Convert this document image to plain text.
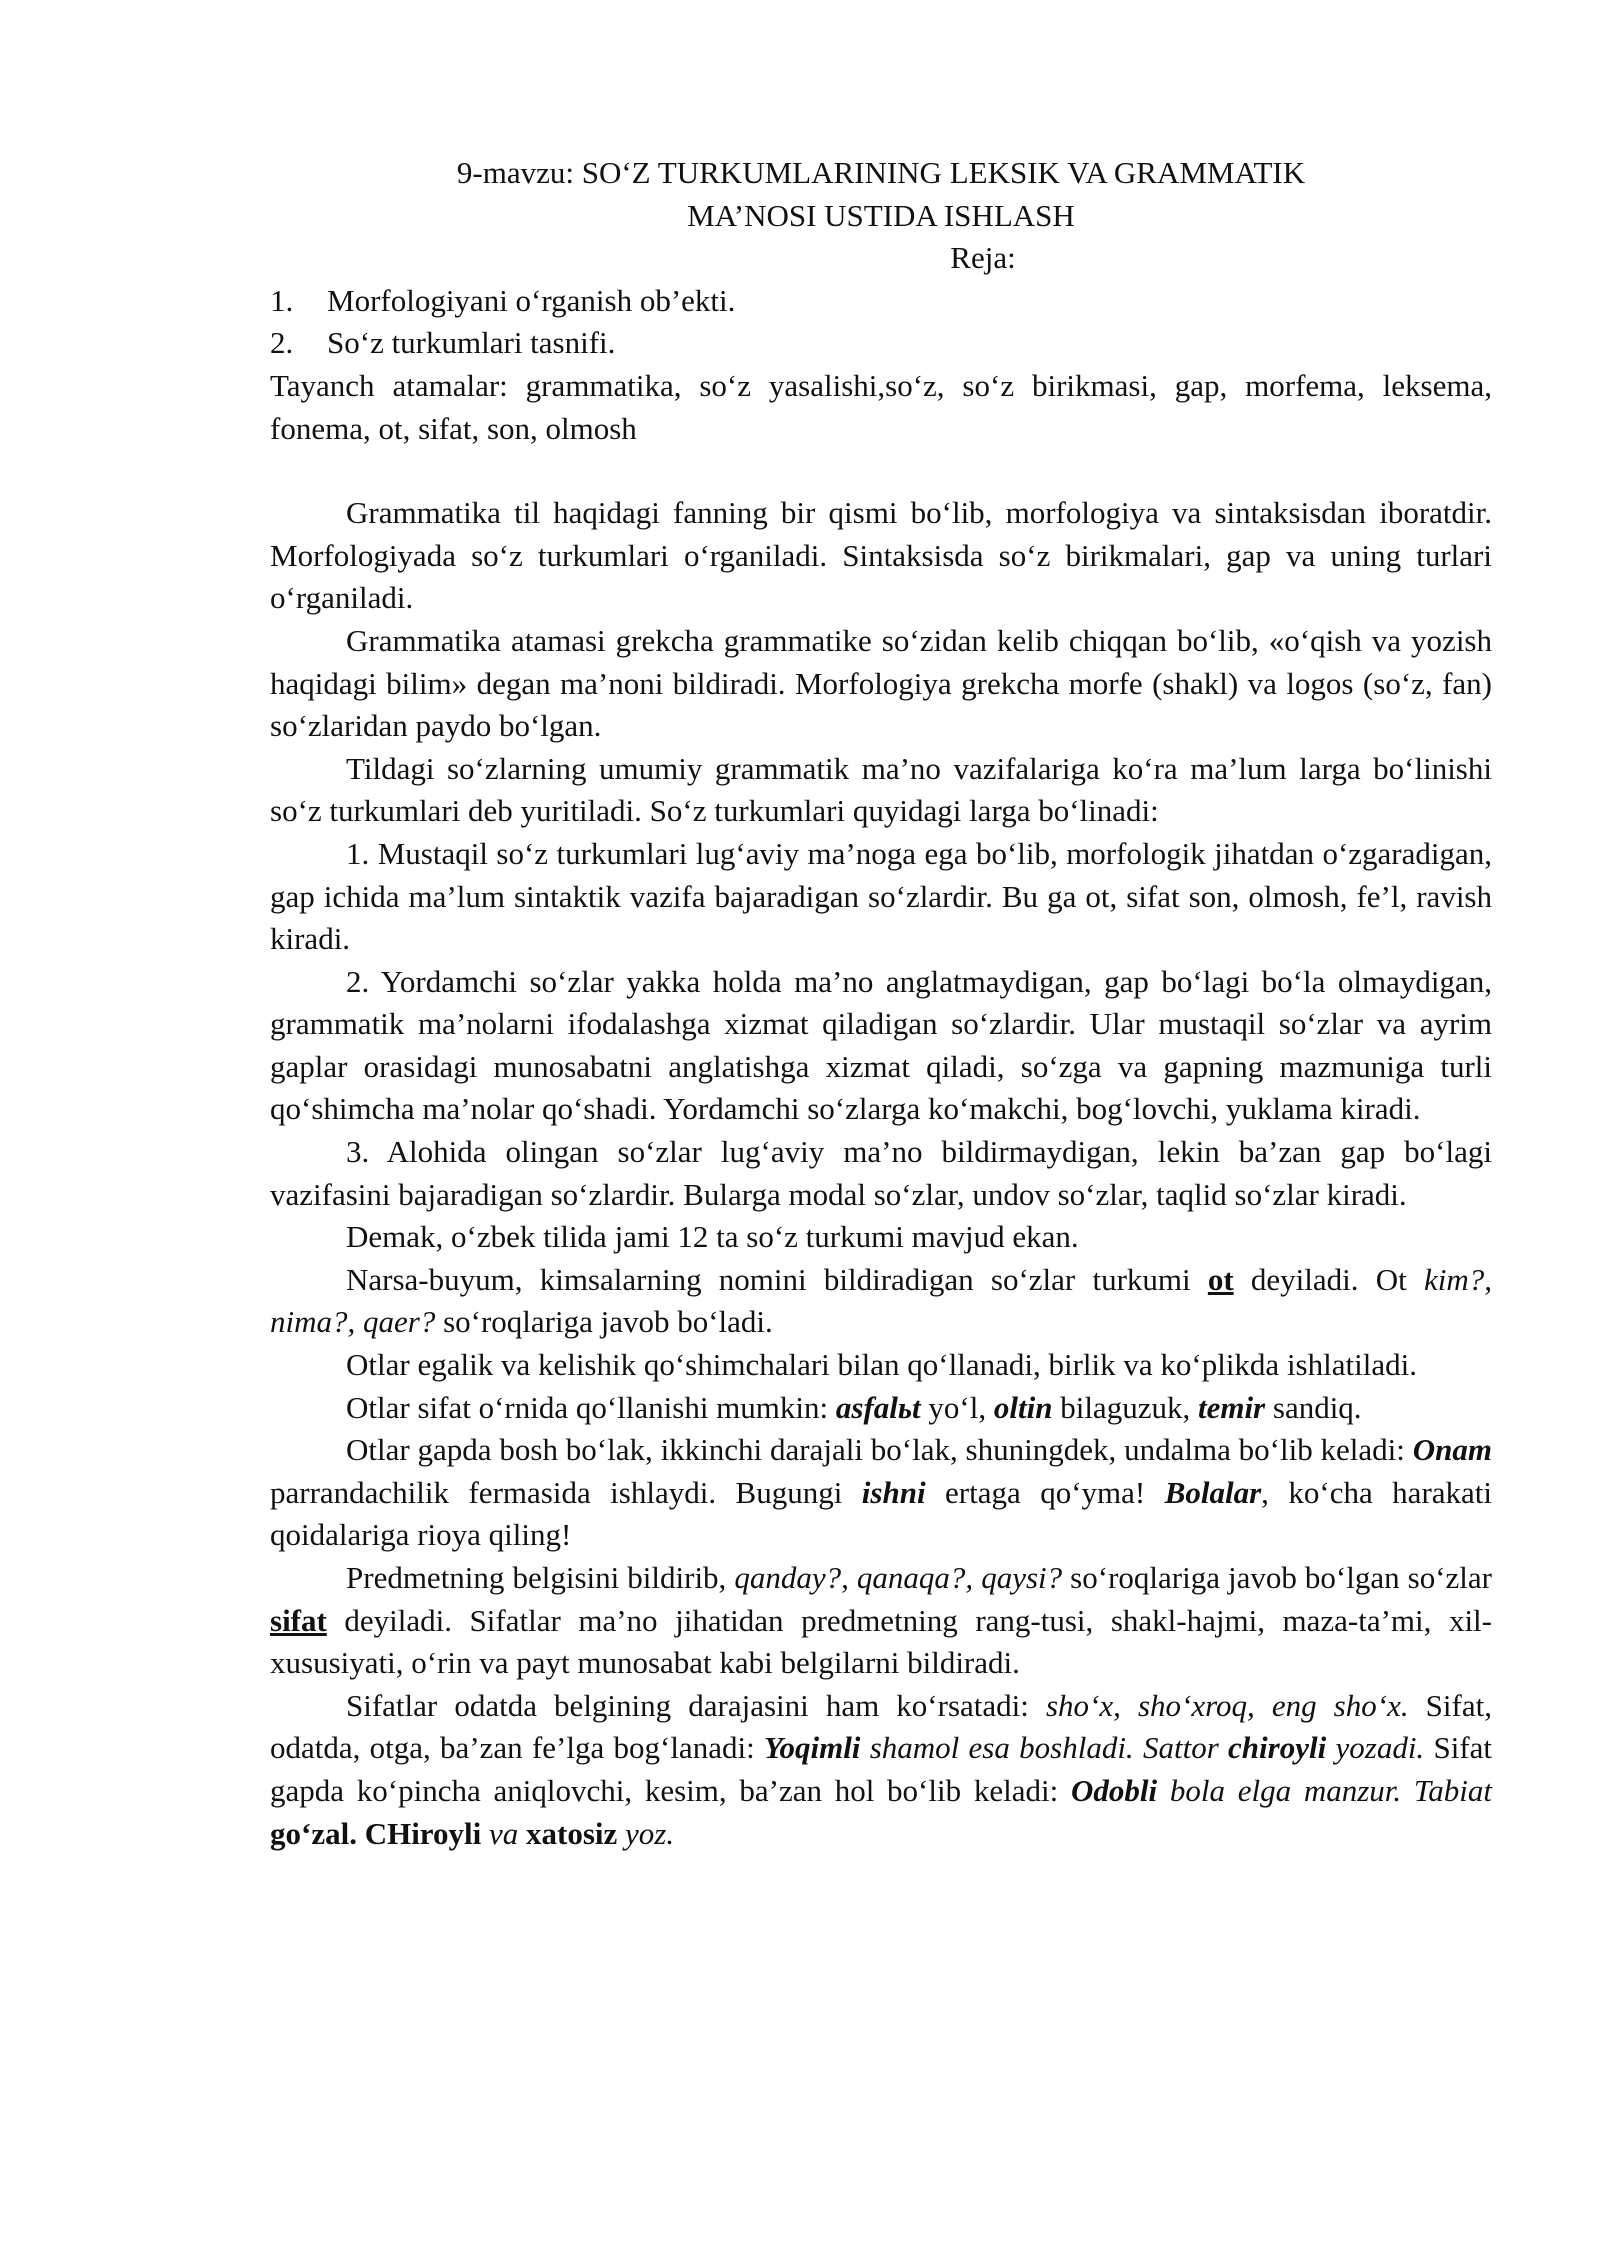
9-mavzu: SO‘Z TURKUMLARINING LEKSIK VA GRAMMATIK

MA’NOSI USTIDA ISHLASH

Reja:

1. Morfologiyani o‘rganish ob’ekti.
2. So‘z turkumlari tasnifi.

Tayanch atamalar: grammatika, so‘z yasalishi,so‘z, so‘z birikmasi, gap, morfema, leksema, fonema, ot, sifat, son, olmosh

Grammatika til haqidagi fanning bir qismi bo‘lib, morfologiya va sintaksisdan iboratdir. Morfologiyada so‘z turkumlari o‘rganiladi. Sintaksisda so‘z birikmalari, gap va uning turlari o‘rganiladi.

Grammatika atamasi grekcha grammatike so‘zidan kelib chiqqan bo‘lib, «o‘qish va yozish haqidagi bilim» degan ma’noni bildiradi. Morfologiya grekcha morfe (shakl) va logos (so‘z, fan) so‘zlaridan paydo bo‘lgan.

Tildagi so‘zlarning umumiy grammatik ma’no vazifalariga ko‘ra ma’lum larga bo‘linishi so‘z turkumlari deb yuritiladi. So‘z turkumlari quyidagi larga bo‘linadi:

1. Mustaqil so‘z turkumlari lug‘aviy ma’noga ega bo‘lib, morfologik jihatdan o‘zgaradigan, gap ichida ma’lum sintaktik vazifa bajaradigan so‘zlardir. Bu ga ot, sifat son, olmosh, fe’l, ravish kiradi.

2. Yordamchi so‘zlar yakka holda ma’no anglatmaydigan, gap bo‘lagi bo‘la olmaydigan, grammatik ma’nolarni ifodalashga xizmat qiladigan so‘zlardir. Ular mustaqil so‘zlar va ayrim gaplar orasidagi munosabatni anglatishga xizmat qiladi, so‘zga va gapning mazmuniga turli qo‘shimcha ma’nolar qo‘shadi. Yordamchi so‘zlarga ko‘makchi, bog‘lovchi, yuklama kiradi.

3. Alohida olingan so‘zlar lug‘aviy ma’no bildirmaydigan, lekin ba’zan gap bo‘lagi vazifasini bajaradigan so‘zlardir. Bularga modal so‘zlar, undov so‘zlar, taqlid so‘zlar kiradi.

Demak, o‘zbek tilida jami 12 ta so‘z turkumi mavjud ekan.

Narsa-buyum, kimsalarning nomini bildiradigan so‘zlar turkumi ot deyiladi. Ot kim?, nima?, qaer? so‘roqlariga javob bo‘ladi.

Otlar egalik va kelishik qo‘shimchalari bilan qo‘llanadi, birlik va ko‘plikda ishlatiladi.

Otlar sifat o‘rnida qo‘llanishi mumkin: asfalьt yo‘l, oltin bilaguzuk, temir sandiq.

Otlar gapda bosh bo‘lak, ikkinchi darajali bo‘lak, shuningdek, undalma bo‘lib keladi: Onam parrandachilik fermasida ishlaydi. Bugungi ishni ertaga qo‘yma! Bolalar, ko‘cha harakati qoidalariga rioya qiling!

Predmetning belgisini bildirib, qanday?, qanaqa?, qaysi? so‘roqlariga javob bo‘lgan so‘zlar sifat deyiladi. Sifatlar ma’no jihatidan predmetning rang-tusi, shakl-hajmi, maza-ta’mi, xil-xususiyati, o‘rin va payt munosabat kabi belgilarni bildiradi.

Sifatlar odatda belgining darajasini ham ko‘rsatadi: sho‘x, sho‘xroq, eng sho‘x. Sifat, odatda, otga, ba’zan fe’lga bog‘lanadi: Yoqimli shamol esa boshladi. Sattor chiroyli yozadi. Sifat gapda ko‘pincha aniqlovchi, kesim, ba’zan hol bo‘lib keladi: Odobli bola elga manzur. Tabiat go‘zal. CHiroyli va xatosiz yoz.
